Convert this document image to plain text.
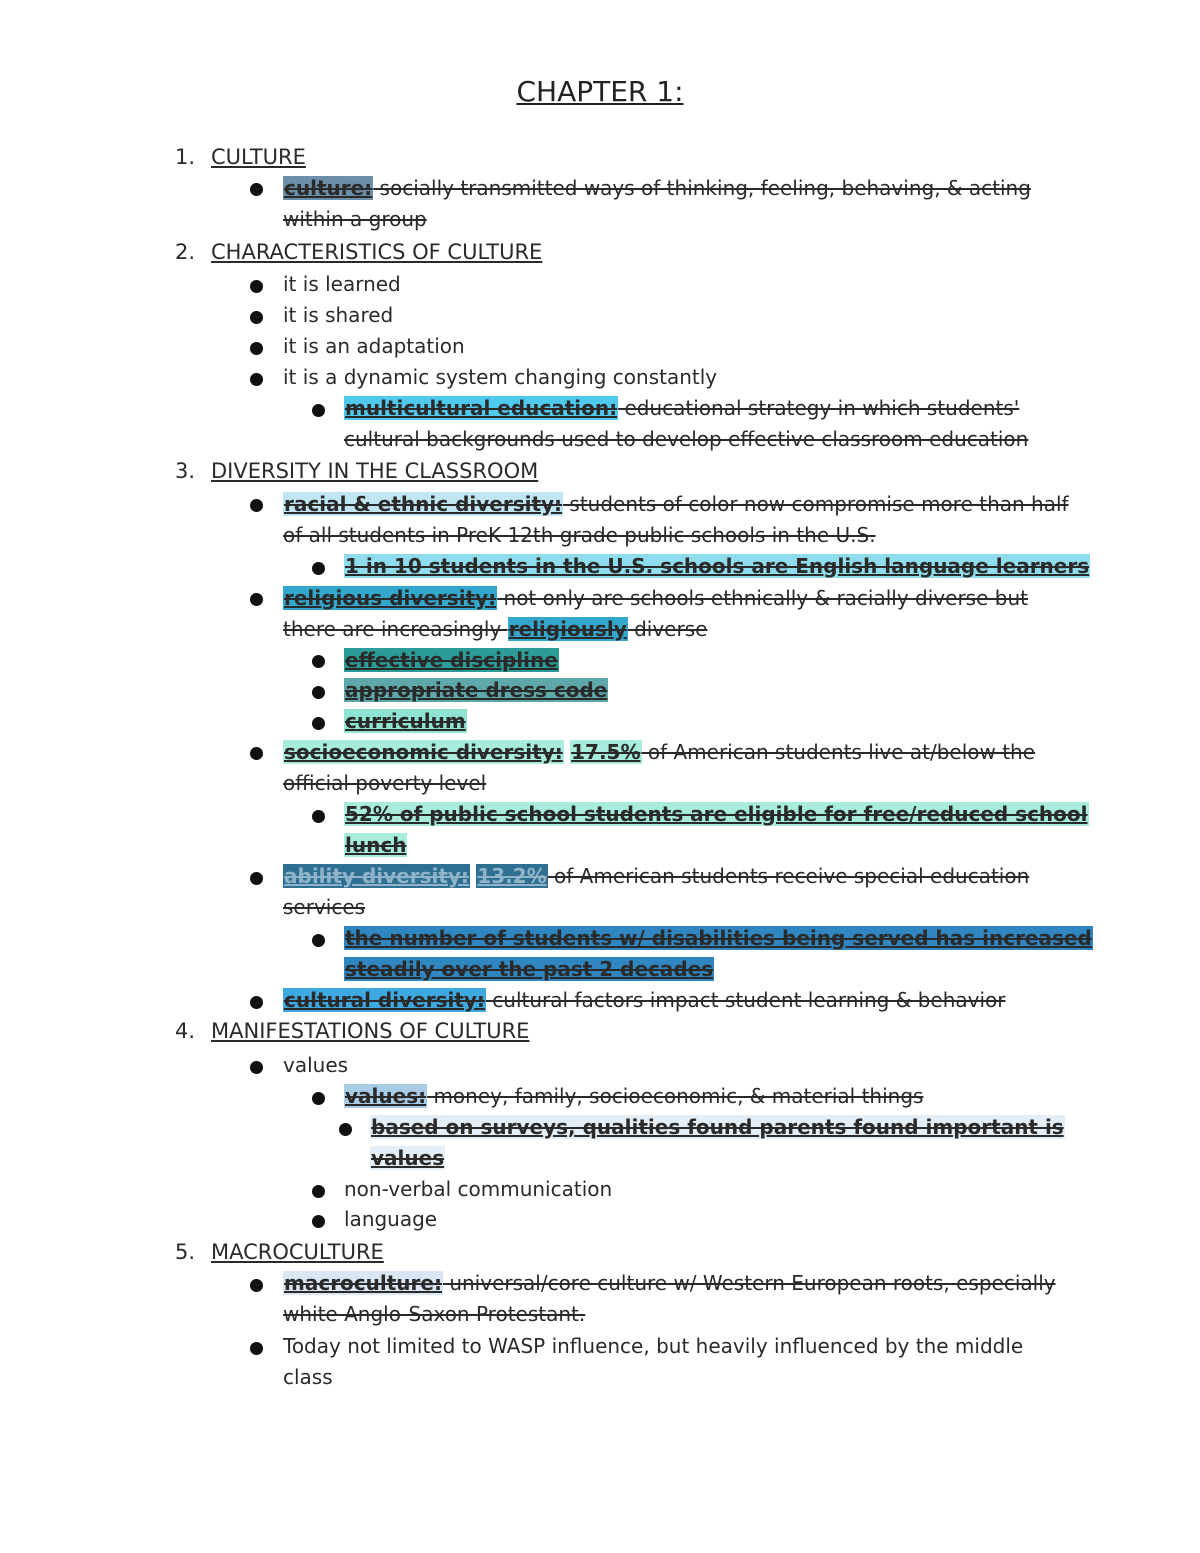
CHAPTER 1:
1. CULTURE
culture: socially transmitted ways of thinking, feeling, behaving, & acting
within a group
2. CHARACTERISTICS OF CULTURE
it is learned
it is shared
it is an adaptation
it is a dynamic system changing constantly
multicultural education: educational strategy in which students'
cultural backgrounds used to develop effective classroom education
3. DIVERSITY IN THE CLASSROOM
racial & ethnic diversity: students of color now compromise more than half
of all students in PreK 12th grade public schools in the U.S.
1 in 10 students in the U.S. schools are English language learners
religious diversity: not only are schools ethnically & racially diverse but
there are increasingly religiously diverse
effective discipline
appropriate dress code
curriculum
socioeconomic diversity: 17.5% of American students live at/below the
official poverty level
52% of public school students are eligible for free/reduced school
lunch
ability diversity: 13.2% of American students receive special education
services
the number of students w/ disabilities being served has increased
steadily over the past 2 decades
cultural diversity: cultural factors impact student learning & behavior
4. MANIFESTATIONS OF CULTURE
values
values: money, family, socioeconomic, & material things
based on surveys, qualities found parents found important is
values
non-verbal communication
language
5. MACROCULTURE
macroculture: universal/core culture w/ Western European roots, especially
white Anglo-Saxon Protestant.
Today not limited to WASP influence, but heavily influenced by the middle
class
